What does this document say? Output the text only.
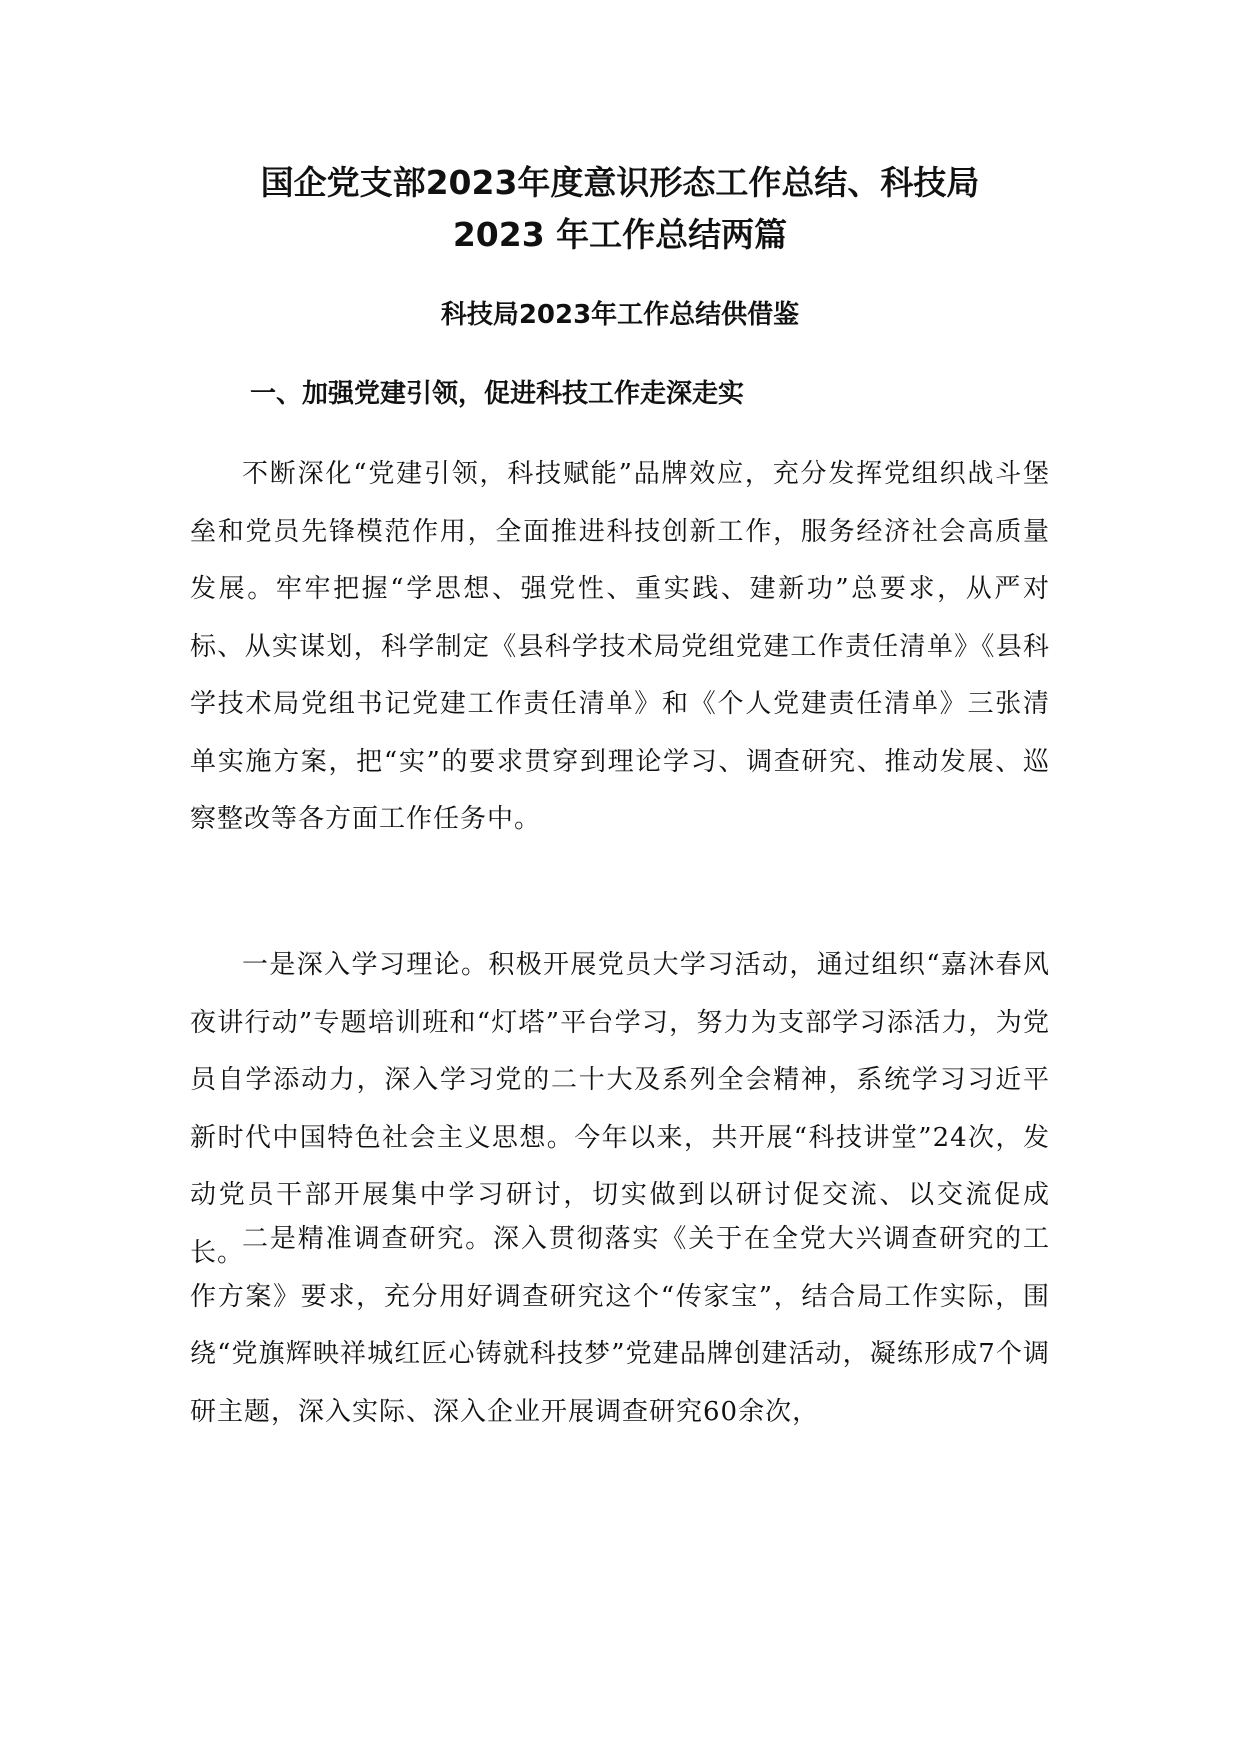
国企党支部2023年度意识形态工作总结、科技局
2023 年工作总结两篇
科技局2023年工作总结供借鉴
一、加强党建引领，促进科技工作走深走实

不断深化“党建引领，科技赋能”品牌效应，充分发挥党组织战斗堡垒和党员先锋模范作用，全面推进科技创新工作，服务经济社会高质量发展。牢牢把握“学思想、强党性、重实践、建新功”总要求，从严对标、从实谋划，科学制定《县科学技术局党组党建工作责任清单》《县科学技术局党组书记党建工作责任清单》和《个人党建责任清单》三张清单实施方案，把“实”的要求贯穿到理论学习、调查研究、推动发展、巡察整改等各方面工作任务中。

一是深入学习理论。积极开展党员大学习活动，通过组织“嘉沐春风夜讲行动”专题培训班和“灯塔”平台学习，努力为支部学习添活力，为党员自学添动力，深入学习党的二十大及系列全会精神，系统学习习近平新时代中国特色社会主义思想。今年以来，共开展“科技讲堂”24次，发动党员干部开展集中学习研讨，切实做到以研讨促交流、以交流促成长。

二是精准调查研究。深入贯彻落实《关于在全党大兴调查研究的工作方案》要求，充分用好调查研究这个“传家宝”，结合局工作实际，围绕“党旗辉映祥城红匠心铸就科技梦”党建品牌创建活动，凝练形成7个调研主题，深入实际、深入企业开展调查研究60余次，
